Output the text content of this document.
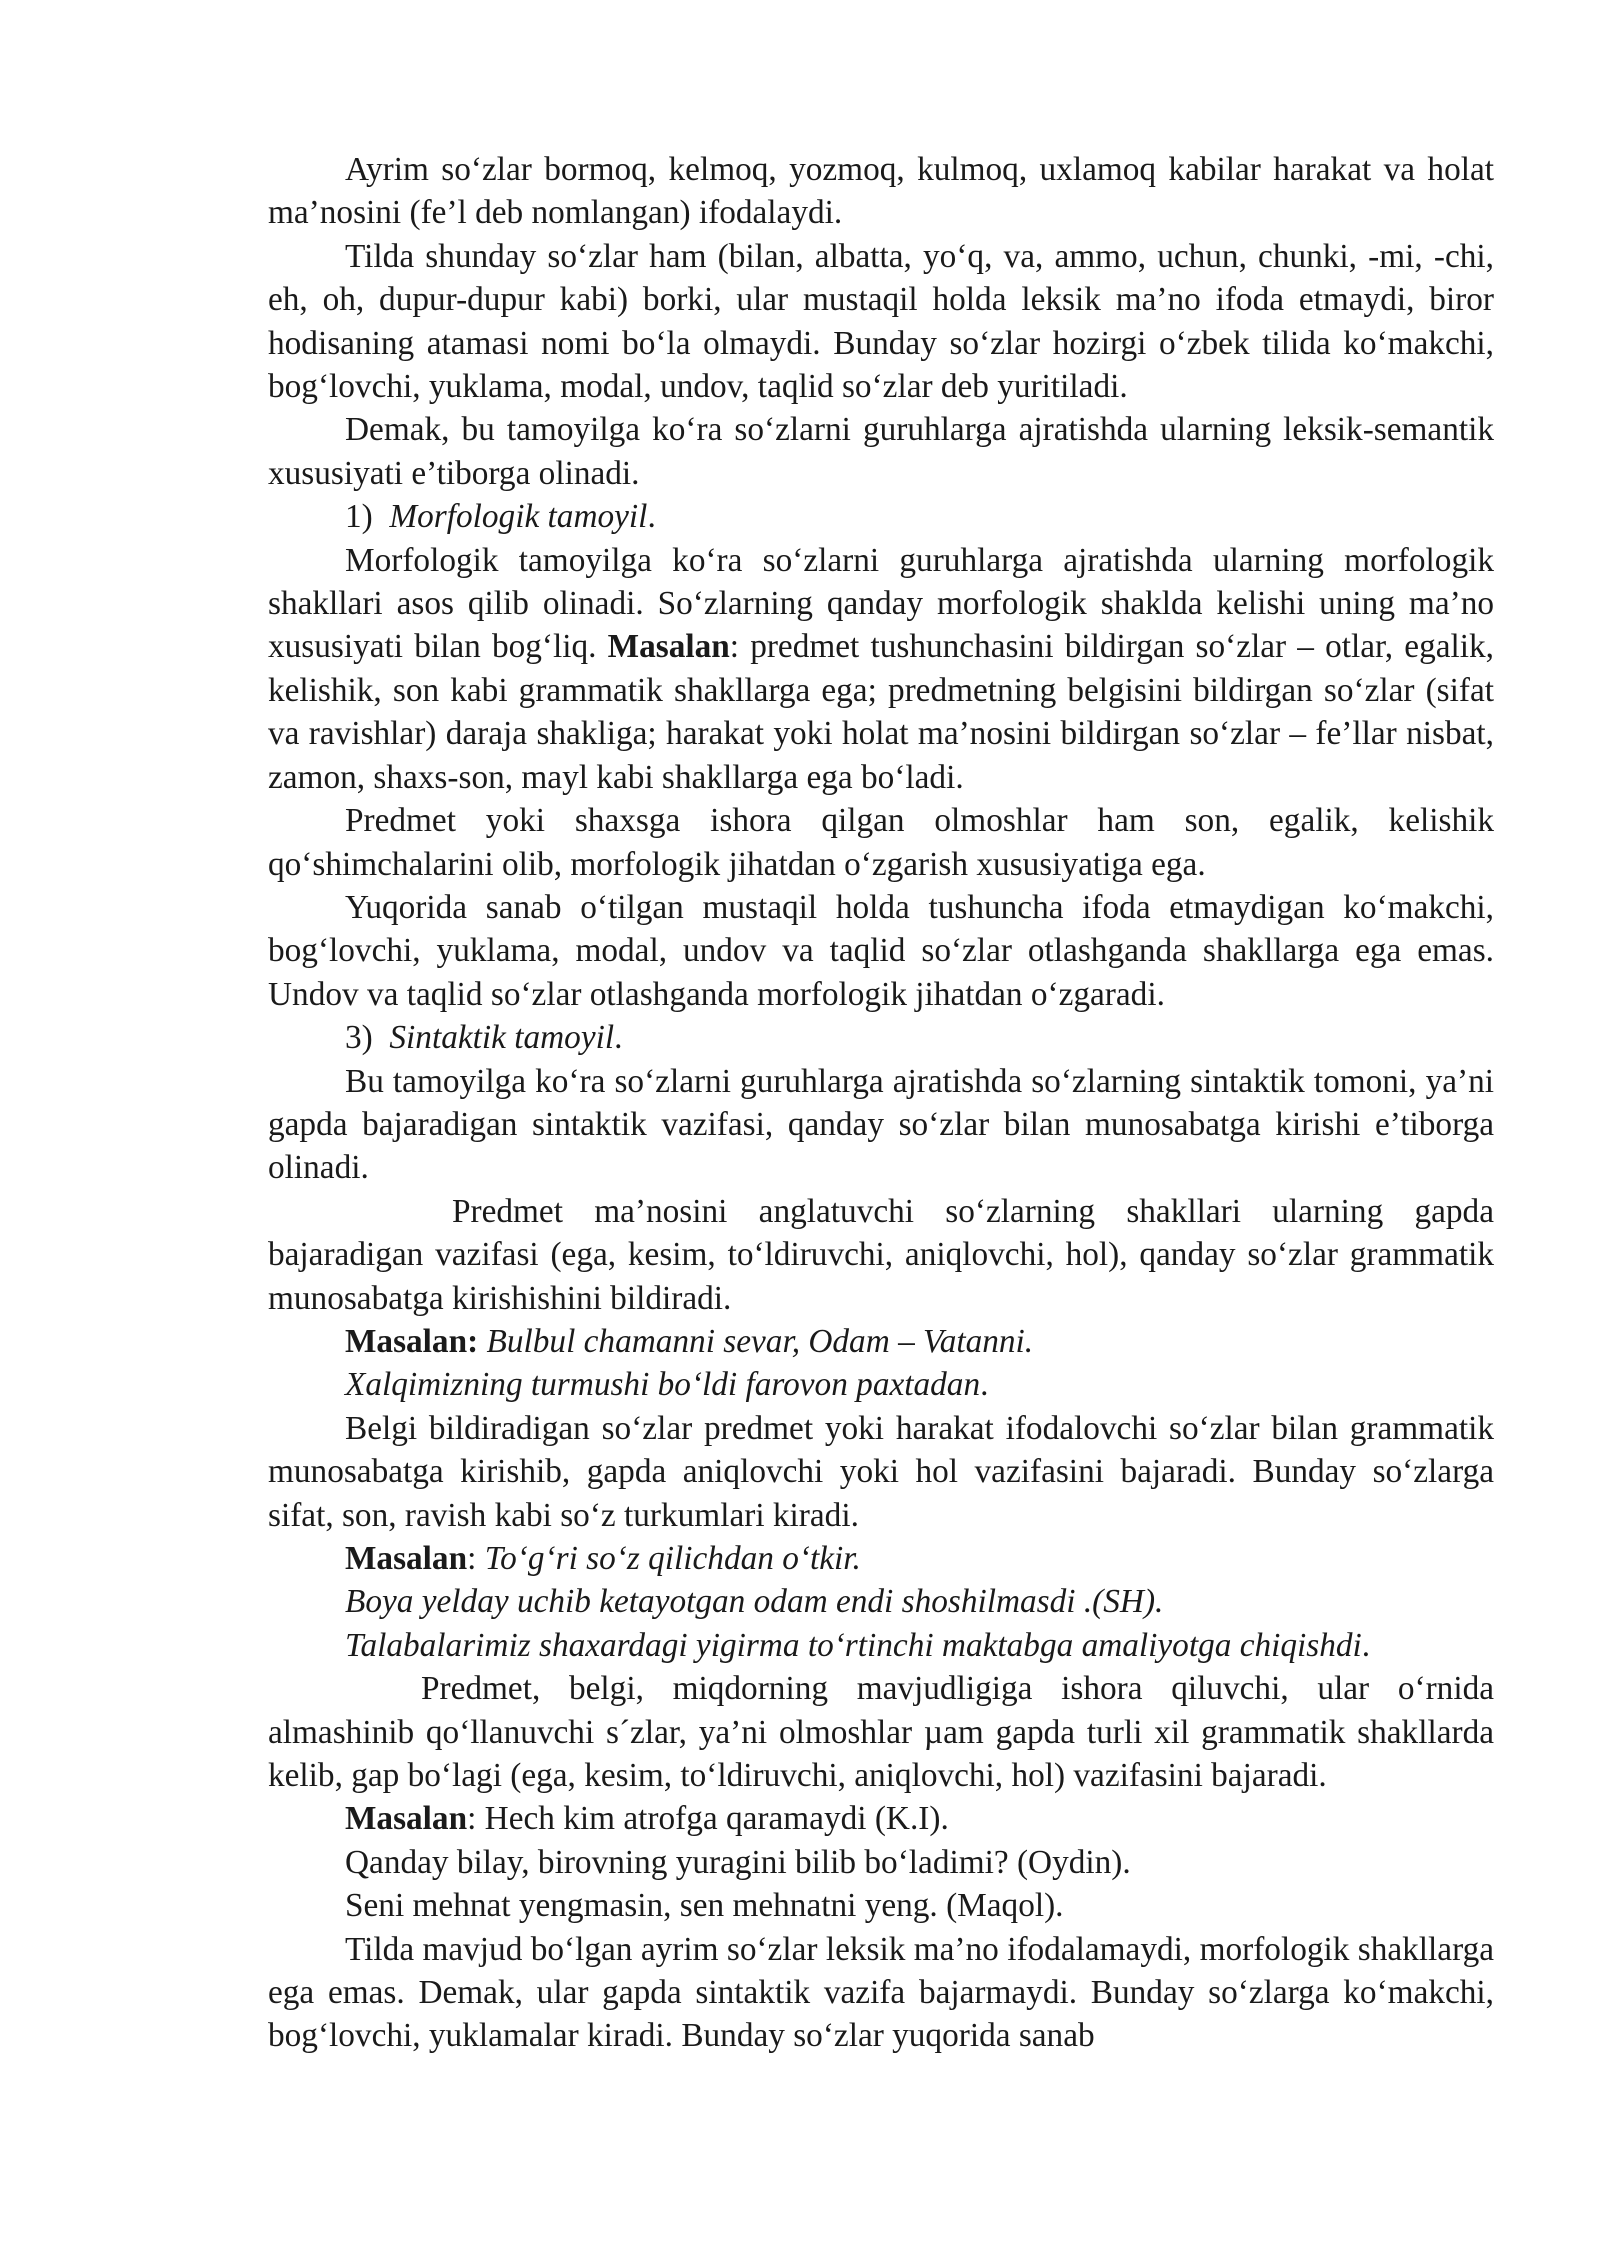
Ayrim so‘zlar bormoq, kelmoq, yozmoq, kulmoq, uxlamoq kabilar harakat va holat ma’nosini (fe’l deb nomlangan) ifodalaydi.

Tilda shunday so‘zlar ham (bilan, albatta, yo‘q, va, ammo, uchun, chunki, -mi, -chi, eh, oh, dupur-dupur kabi) borki, ular mustaqil holda leksik ma’no ifoda etmaydi, biror hodisaning atamasi nomi bo‘la olmaydi. Bunday so‘zlar hozirgi o‘zbek tilida ko‘makchi, bog‘lovchi, yuklama, modal, undov, taqlid so‘zlar deb yuritiladi.

Demak, bu tamoyilga ko‘ra so‘zlarni guruhlarga ajratishda ularning leksik-semantik xususiyati e’tiborga olinadi.

1) Morfologik tamoyil.

Morfologik tamoyilga ko‘ra so‘zlarni guruhlarga ajratishda ularning morfologik shakllari asos qilib olinadi. So‘zlarning qanday morfologik shaklda kelishi uning ma’no xususiyati bilan bog‘liq. Masalan: predmet tushunchasini bildirgan so‘zlar – otlar, egalik, kelishik, son kabi grammatik shakllarga ega; predmetning belgisini bildirgan so‘zlar (sifat va ravishlar) daraja shakliga; harakat yoki holat ma’nosini bildirgan so‘zlar – fe’llar nisbat, zamon, shaxs-son, mayl kabi shakllarga ega bo‘ladi.

Predmet yoki shaxsga ishora qilgan olmoshlar ham son, egalik, kelishik qo‘shimchalarini olib, morfologik jihatdan o‘zgarish xususiyatiga ega.

Yuqorida sanab o‘tilgan mustaqil holda tushuncha ifoda etmaydigan ko‘makchi, bog‘lovchi, yuklama, modal, undov va taqlid so‘zlar otlashganda shakllarga ega emas. Undov va taqlid so‘zlar otlashganda morfologik jihatdan o‘zgaradi.

3) Sintaktik tamoyil.

Bu tamoyilga ko‘ra so‘zlarni guruhlarga ajratishda so‘zlarning sintaktik tomoni, ya’ni gapda bajaradigan sintaktik vazifasi, qanday so‘zlar bilan munosabatga kirishi e’tiborga olinadi.

Predmet ma’nosini anglatuvchi so‘zlarning shakllari ularning gapda bajaradigan vazifasi (ega, kesim, to‘ldiruvchi, aniqlovchi, hol), qanday so‘zlar grammatik munosabatga kirishishini bildiradi.

Masalan: Bulbul chamanni sevar, Odam – Vatanni.

Xalqimizning turmushi bo‘ldi farovon paxtadan.

Belgi bildiradigan so‘zlar predmet yoki harakat ifodalovchi so‘zlar bilan grammatik munosabatga kirishib, gapda aniqlovchi yoki hol vazifasini bajaradi. Bunday so‘zlarga sifat, son, ravish kabi so‘z turkumlari kiradi.

Masalan: To‘g‘ri so‘z qilichdan o‘tkir.

Boya yelday uchib ketayotgan odam endi shoshilmasdi .(SH).

Talabalarimiz shaxardagi yigirma to‘rtinchi maktabga amaliyotga chiqishdi.

Predmet, belgi, miqdorning mavjudligiga ishora qiluvchi, ular o‘rnida almashinib qo‘llanuvchi s´zlar, ya’ni olmoshlar µam gapda turli xil grammatik shakllarda kelib, gap bo‘lagi (ega, kesim, to‘ldiruvchi, aniqlovchi, hol) vazifasini bajaradi.

Masalan: Hech kim atrofga qaramaydi (K.I).

Qanday bilay, birovning yuragini bilib bo‘ladimi? (Oydin).

Seni mehnat yengmasin, sen mehnatni yeng. (Maqol).

Tilda mavjud bo‘lgan ayrim so‘zlar leksik ma’no ifodalamaydi, morfologik shakllarga ega emas. Demak, ular gapda sintaktik vazifa bajarmaydi. Bunday so‘zlarga ko‘makchi, bog‘lovchi, yuklamalar kiradi. Bunday so‘zlar yuqorida sanab
